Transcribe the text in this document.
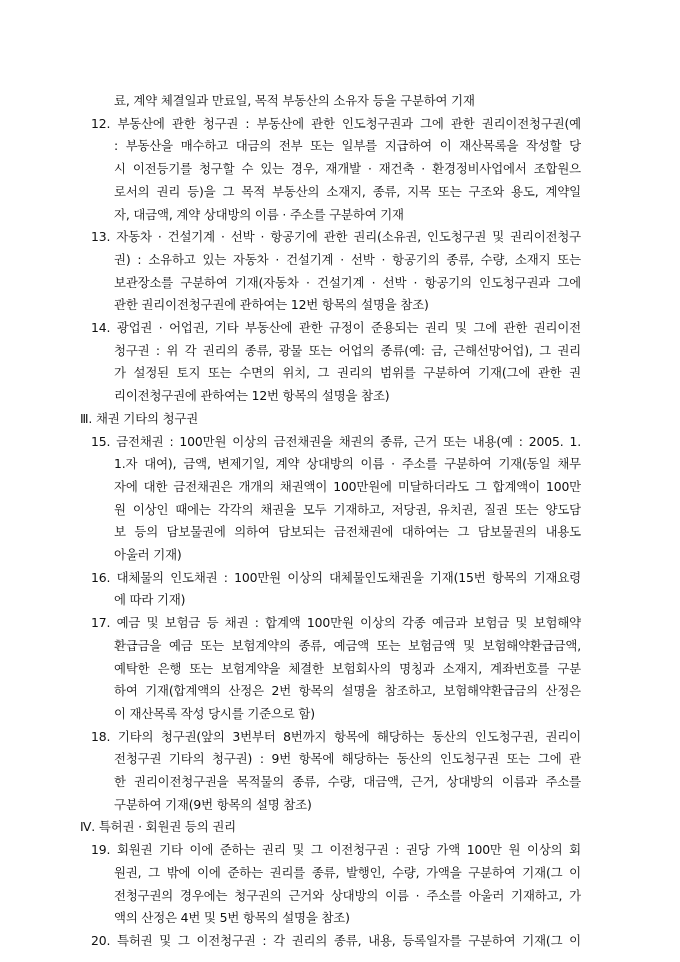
료, 계약 체결일과 만료일, 목적 부동산의 소유자 등을 구분하여 기재
12. 부동산에 관한 청구권 : 부동산에 관한 인도청구권과 그에 관한 권리이전청구권(예
: 부동산을 매수하고 대금의 전부 또는 일부를 지급하여 이 재산목록을 작성할 당
시 이전등기를 청구할 수 있는 경우, 재개발 · 재건축 · 환경정비사업에서 조합원으
로서의 권리 등)을 그 목적 부동산의 소재지, 종류, 지목 또는 구조와 용도, 계약일
자, 대금액, 계약 상대방의 이름 · 주소를 구분하여 기재
13. 자동차 · 건설기계 · 선박 · 항공기에 관한 권리(소유권, 인도청구권 및 권리이전청구
권) : 소유하고 있는 자동차 · 건설기계 · 선박 · 항공기의 종류, 수량, 소재지 또는
보관장소를 구분하여 기재(자동차 · 건설기계 · 선박 · 항공기의 인도청구권과 그에
관한 권리이전청구권에 관하여는 12번 항목의 설명을 참조)
14. 광업권 · 어업권, 기타 부동산에 관한 규정이 준용되는 권리 및 그에 관한 권리이전
청구권 : 위 각 권리의 종류, 광물 또는 어업의 종류(예: 금, 근해선망어업), 그 권리
가 설정된 토지 또는 수면의 위치, 그 권리의 범위를 구분하여 기재(그에 관한 권
리이전청구권에 관하여는 12번 항목의 설명을 참조)
Ⅲ. 채권 기타의 청구권
15. 금전채권 : 100만원 이상의 금전채권을 채권의 종류, 근거 또는 내용(예 : 2005. 1.
1.자 대여), 금액, 변제기일, 계약 상대방의 이름 · 주소를 구분하여 기재(동일 채무
자에 대한 금전채권은 개개의 채권액이 100만원에 미달하더라도 그 합계액이 100만
원 이상인 때에는 각각의 채권을 모두 기재하고, 저당권, 유치권, 질권 또는 양도담
보 등의 담보물권에 의하여 담보되는 금전채권에 대하여는 그 담보물권의 내용도
아울러 기재)
16. 대체물의 인도채권 : 100만원 이상의 대체물인도채권을 기재(15번 항목의 기재요령
에 따라 기재)
17. 예금 및 보험금 등 채권 : 합계액 100만원 이상의 각종 예금과 보험금 및 보험해약
환급금을 예금 또는 보험계약의 종류, 예금액 또는 보험금액 및 보험해약환급금액,
예탁한 은행 또는 보험계약을 체결한 보험회사의 명칭과 소재지, 계좌번호를 구분
하여 기재(합계액의 산정은 2번 항목의 설명을 참조하고, 보험해약환급금의 산정은
이 재산목록 작성 당시를 기준으로 함)
18. 기타의 청구권(앞의 3번부터 8번까지 항목에 해당하는 동산의 인도청구권, 권리이
전청구권 기타의 청구권) : 9번 항목에 해당하는 동산의 인도청구권 또는 그에 관
한 권리이전청구권을 목적물의 종류, 수량, 대금액, 근거, 상대방의 이름과 주소를
구분하여 기재(9번 항목의 설명 참조)
Ⅳ. 특허권 · 회원권 등의 권리
19. 회원권 기타 이에 준하는 권리 및 그 이전청구권 : 권당 가액 100만 원 이상의 회
원권, 그 밖에 이에 준하는 권리를 종류, 발행인, 수량, 가액을 구분하여 기재(그 이
전청구권의 경우에는 청구권의 근거와 상대방의 이름 · 주소를 아울러 기재하고, 가
액의 산정은 4번 및 5번 항목의 설명을 참조)
20. 특허권 및 그 이전청구권 : 각 권리의 종류, 내용, 등록일자를 구분하여 기재(그 이
